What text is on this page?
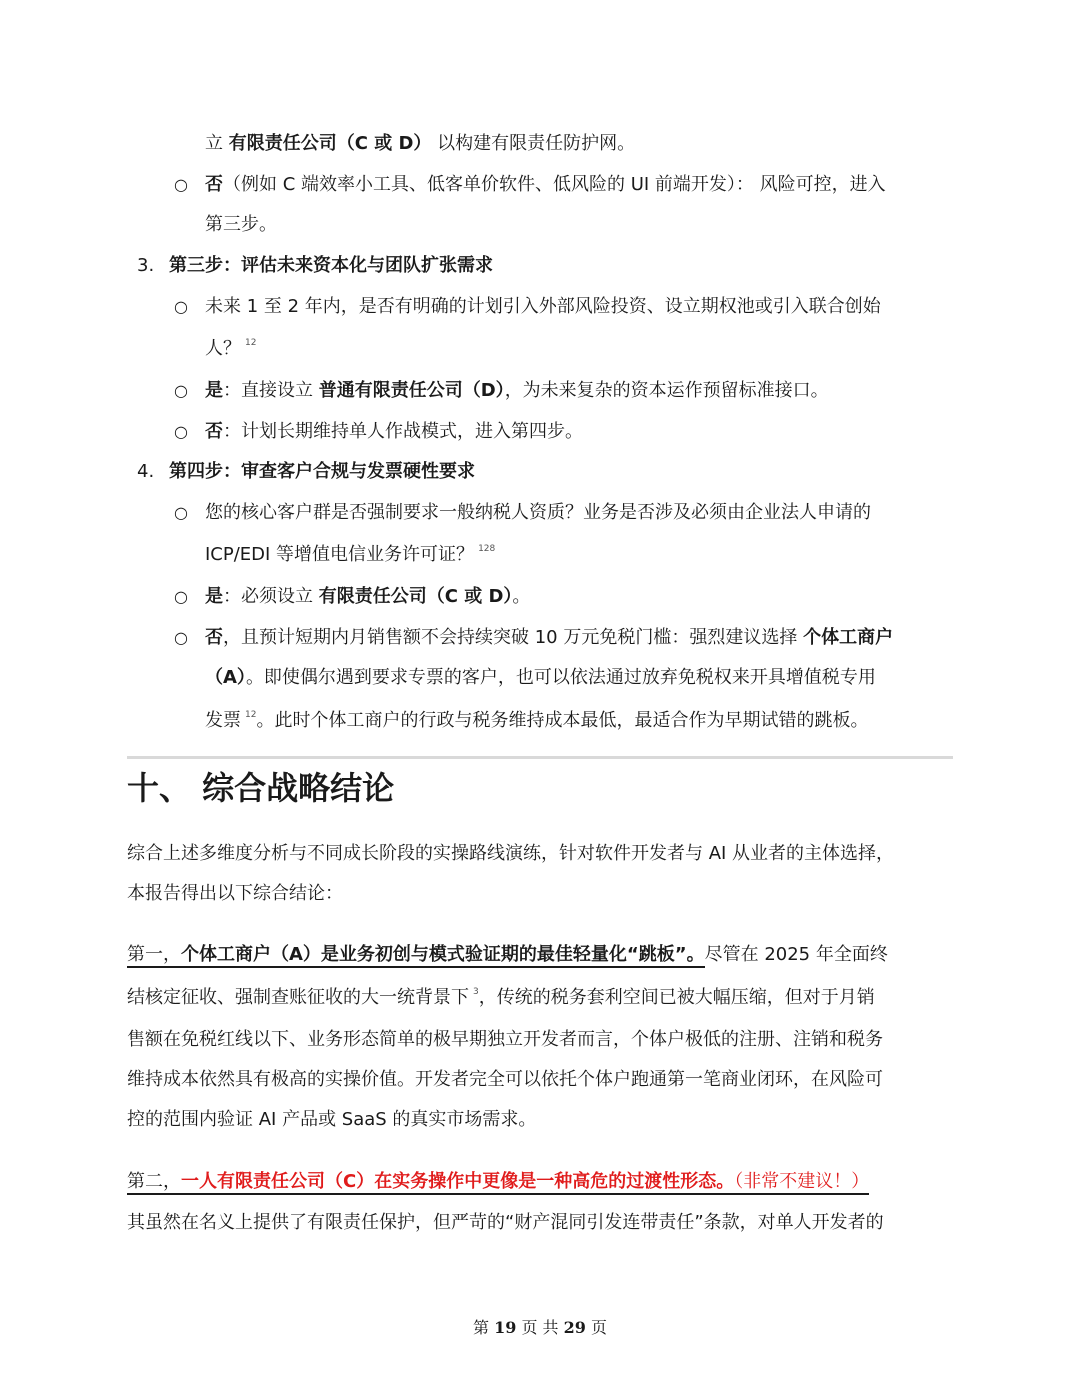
立 有限责任公司（C 或 D） 以构建有限责任防护网。
○ 否（例如 C 端效率小工具、低客单价软件、低风险的 UI 前端开发）： 风险可控，进入
第三步。
3. 第三步：评估未来资本化与团队扩张需求
○ 未来 1 至 2 年内，是否有明确的计划引入外部风险投资、设立期权池或引入联合创始
人？ $^{12}$
○ 是：直接设立 普通有限责任公司（D），为未来复杂的资本运作预留标准接口。
○ 否：计划长期维持单人作战模式，进入第四步。
4. 第四步：审查客户合规与发票硬性要求
○ 您的核心客户群是否强制要求一般纳税人资质？业务是否涉及必须由企业法人申请的
ICP/EDI 等增值电信业务许可证？ $^{128}$
○ 是：必须设立 有限责任公司（C 或 D）。
○ 否，且预计短期内月销售额不会持续突破 10 万元免税门槛：强烈建议选择 个体工商户
（A）。即使偶尔遇到要求专票的客户，也可以依法通过放弃免税权来开具增值税专用
发票 $^{12}$。此时个体工商户的行政与税务维持成本最低，最适合作为早期试错的跳板。
十、 综合战略结论
综合上述多维度分析与不同成长阶段的实操路线演练，针对软件开发者与 AI 从业者的主体选择，
本报告得出以下综合结论：
第一，个体工商户（A）是业务初创与模式验证期的最佳轻量化“跳板”。尽管在 2025 年全面终
结核定征收、强制查账征收的大一统背景下 $^3$，传统的税务套利空间已被大幅压缩，但对于月销
售额在免税红线以下、业务形态简单的极早期独立开发者而言，个体户极低的注册、注销和税务
维持成本依然具有极高的实操价值。开发者完全可以依托个体户跑通第一笔商业闭环，在风险可
控的范围内验证 AI 产品或 SaaS 的真实市场需求。
第二，一人有限责任公司（C）在实务操作中更像是一种高危的过渡性形态。（非常不建议！）
其虽然在名义上提供了有限责任保护，但严苛的“财产混同引发连带责任”条款，对单人开发者的
第 19 页 共 29 页
